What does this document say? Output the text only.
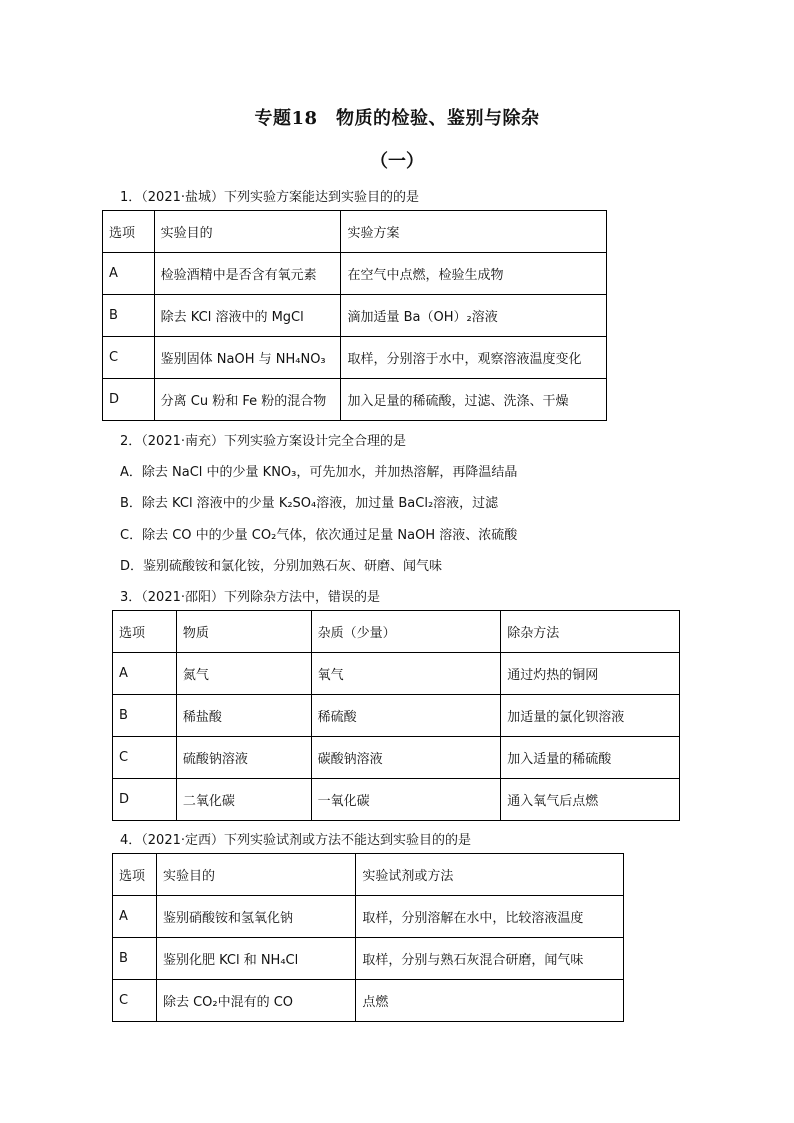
专题18　物质的检验、鉴别与除杂
（一）
1．（2021·盐城）下列实验方案能达到实验目的的是
选项	实验目的	实验方案
A	检验酒精中是否含有氧元素	在空气中点燃，检验生成物
B	除去 KCl 溶液中的 MgCl	滴加适量 Ba（OH）₂溶液
C	鉴别固体 NaOH 与 NH₄NO₃	取样，分别溶于水中，观察溶液温度变化
D	分离 Cu 粉和 Fe 粉的混合物	加入足量的稀硫酸，过滤、洗涤、干燥
2．（2021·南充）下列实验方案设计完全合理的是
A．除去 NaCl 中的少量 KNO₃，可先加水，并加热溶解，再降温结晶
B．除去 KCl 溶液中的少量 K₂SO₄溶液，加过量 BaCl₂溶液，过滤
C．除去 CO 中的少量 CO₂气体，依次通过足量 NaOH 溶液、浓硫酸
D．鉴别硫酸铵和氯化铵，分别加熟石灰、研磨、闻气味
3．（2021·邵阳）下列除杂方法中，错误的是
选项	物质	杂质（少量）	除杂方法
A	氮气	氧气	通过灼热的铜网
B	稀盐酸	稀硫酸	加适量的氯化钡溶液
C	硫酸钠溶液	碳酸钠溶液	加入适量的稀硫酸
D	二氧化碳	一氧化碳	通入氧气后点燃
4．（2021·定西）下列实验试剂或方法不能达到实验目的的是
选项	实验目的	实验试剂或方法
A	鉴别硝酸铵和氢氧化钠	取样，分别溶解在水中，比较溶液温度
B	鉴别化肥 KCl 和 NH₄Cl	取样，分别与熟石灰混合研磨，闻气味
C	除去 CO₂中混有的 CO	点燃
